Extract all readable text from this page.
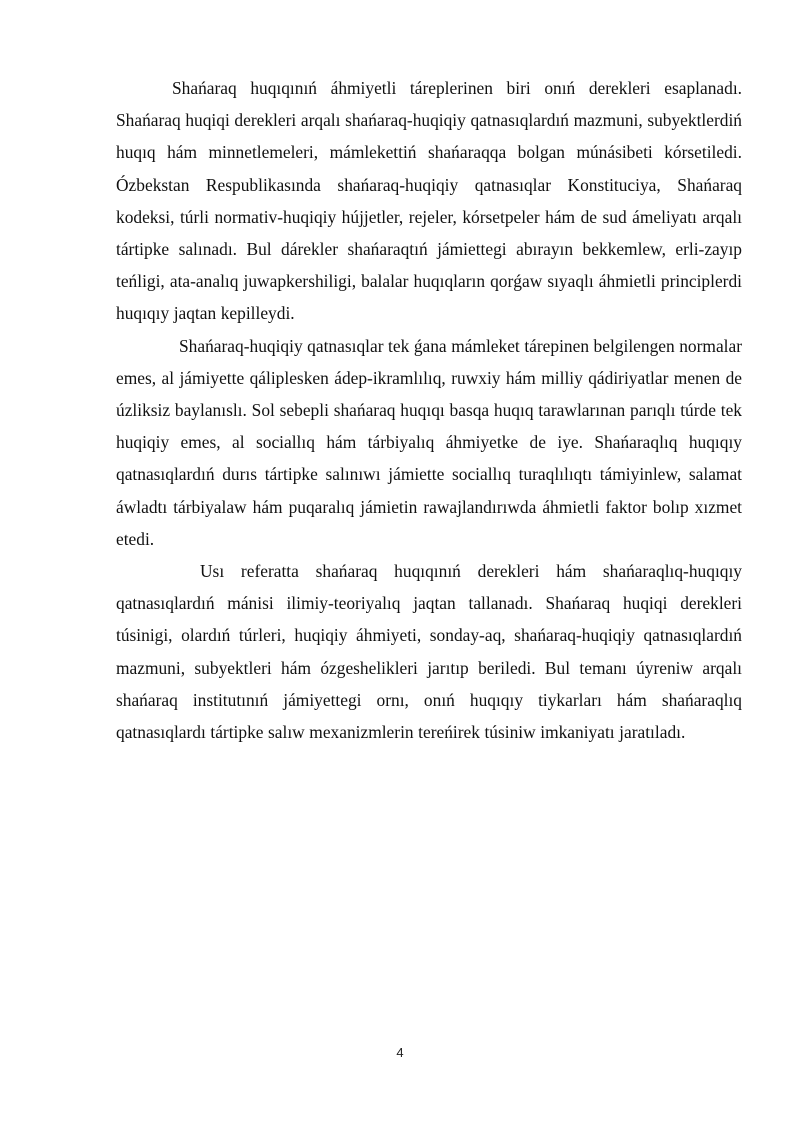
Shańaraq huqıqınıń áhmiyetli táreplerinen biri onıń derekleri esaplanadı. Shańaraq huqiqi derekleri arqalı shańaraq-huqiqiy qatnasıqlardıń mazmuni, subyektlerdiń huqıq hám minnetlemeleri, mámlekettiń shańaraqqa bolgan múnásibeti kórsetiledi. Ózbekstan Respublikasında shańaraq-huqiqiy qatnasıqlar Konstituciya, Shańaraq kodeksi, túrli normativ-huqiqiy hújjetler, rejeler, kórsetpeler hám de sud ámeliyatı arqalı tártipke salınadı. Bul dárekler shańaraqtıń jámiettegi abırayın bekkemlew, erli-zayıp teńligi, ata-analıq juwapkershiligi, balalar huqıqların qorǵaw sıyaqlı áhmietli principlerdi huqıqıy jaqtan kepilleydi.

Shańaraq-huqiqiy qatnasıqlar tek ǵana mámleket tárepinen belgilengen normalar emes, al jámiyette qáliplesken ádep-ikramlılıq, ruwxiy hám milliy qádiriyatlar menen de úzliksiz baylanıslı. Sol sebepli shańaraq huqıqı basqa huqıq tarawlarınan parıqlı túrde tek huqiqiy emes, al sociallıq hám tárbiyalıq áhmiyetke de iye. Shańaraqlıq huqıqıy qatnasıqlardıń durıs tártipke salınıwı jámiette sociallıq turaqlılıqtı támiyinlew, salamat áwladtı tárbiyalaw hám puqaralıq jámietin rawajlandırıwda áhmietli faktor bolıp xızmet etedi.

Usı referatta shańaraq huqıqınıń derekleri hám shańaraqlıq-huqıqıy qatnasıqlardıń mánisi ilimiy-teoriyalıq jaqtan tallanadı. Shańaraq huqiqi derekleri túsinigi, olardıń túrleri, huqiqiy áhmiyeti, sonday-aq, shańaraq-huqiqiy qatnasıqlardıń mazmuni, subyektleri hám ózgeshelikleri jarıtıp beriledi. Bul temanı úyreniw arqalı shańaraq institutınıń jámiyettegi ornı, onıń huqıqıy tiykarları hám shańaraqlıq qatnasıqlardı tártipke salıw mexanizmlerin tereńirek túsiniw imkaniyatı jaratıladı.

4
